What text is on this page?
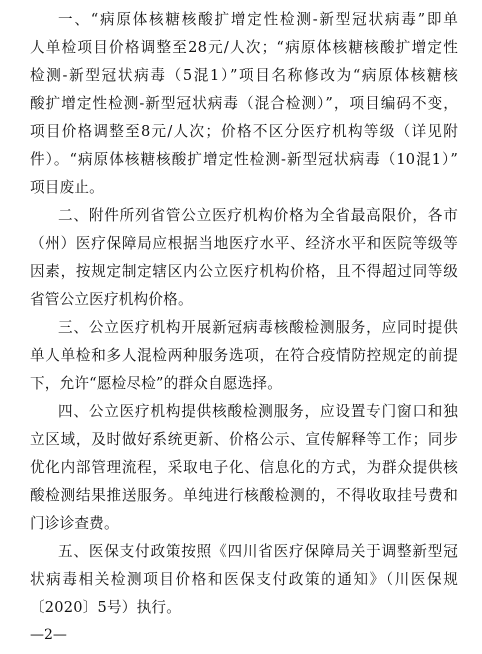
一、“病原体核糖核酸扩增定性检测-新型冠状病毒”即单
人单检项目价格调整至28元/人次；“病原体核糖核酸扩增定性
检测-新型冠状病毒（5混1）”项目名称修改为“病原体核糖核
酸扩增定性检测-新型冠状病毒（混合检测）”，项目编码不变，
项目价格调整至8元/人次；价格不区分医疗机构等级（详见附
件）。“病原体核糖核酸扩增定性检测-新型冠状病毒（10混1）”
项目废止。
二、附件所列省管公立医疗机构价格为全省最高限价，各市
（州）医疗保障局应根据当地医疗水平、经济水平和医院等级等
因素，按规定制定辖区内公立医疗机构价格，且不得超过同等级
省管公立医疗机构价格。
三、公立医疗机构开展新冠病毒核酸检测服务，应同时提供
单人单检和多人混检两种服务选项，在符合疫情防控规定的前提
下，允许“愿检尽检”的群众自愿选择。
四、公立医疗机构提供核酸检测服务，应设置专门窗口和独
立区域，及时做好系统更新、价格公示、宣传解释等工作；同步
优化内部管理流程，采取电子化、信息化的方式，为群众提供核
酸检测结果推送服务。单纯进行核酸检测的，不得收取挂号费和
门诊诊查费。
五、医保支付政策按照《四川省医疗保障局关于调整新型冠
状病毒相关检测项目价格和医保支付政策的通知》（川医保规
〔2020〕5号）执行。
—2—
